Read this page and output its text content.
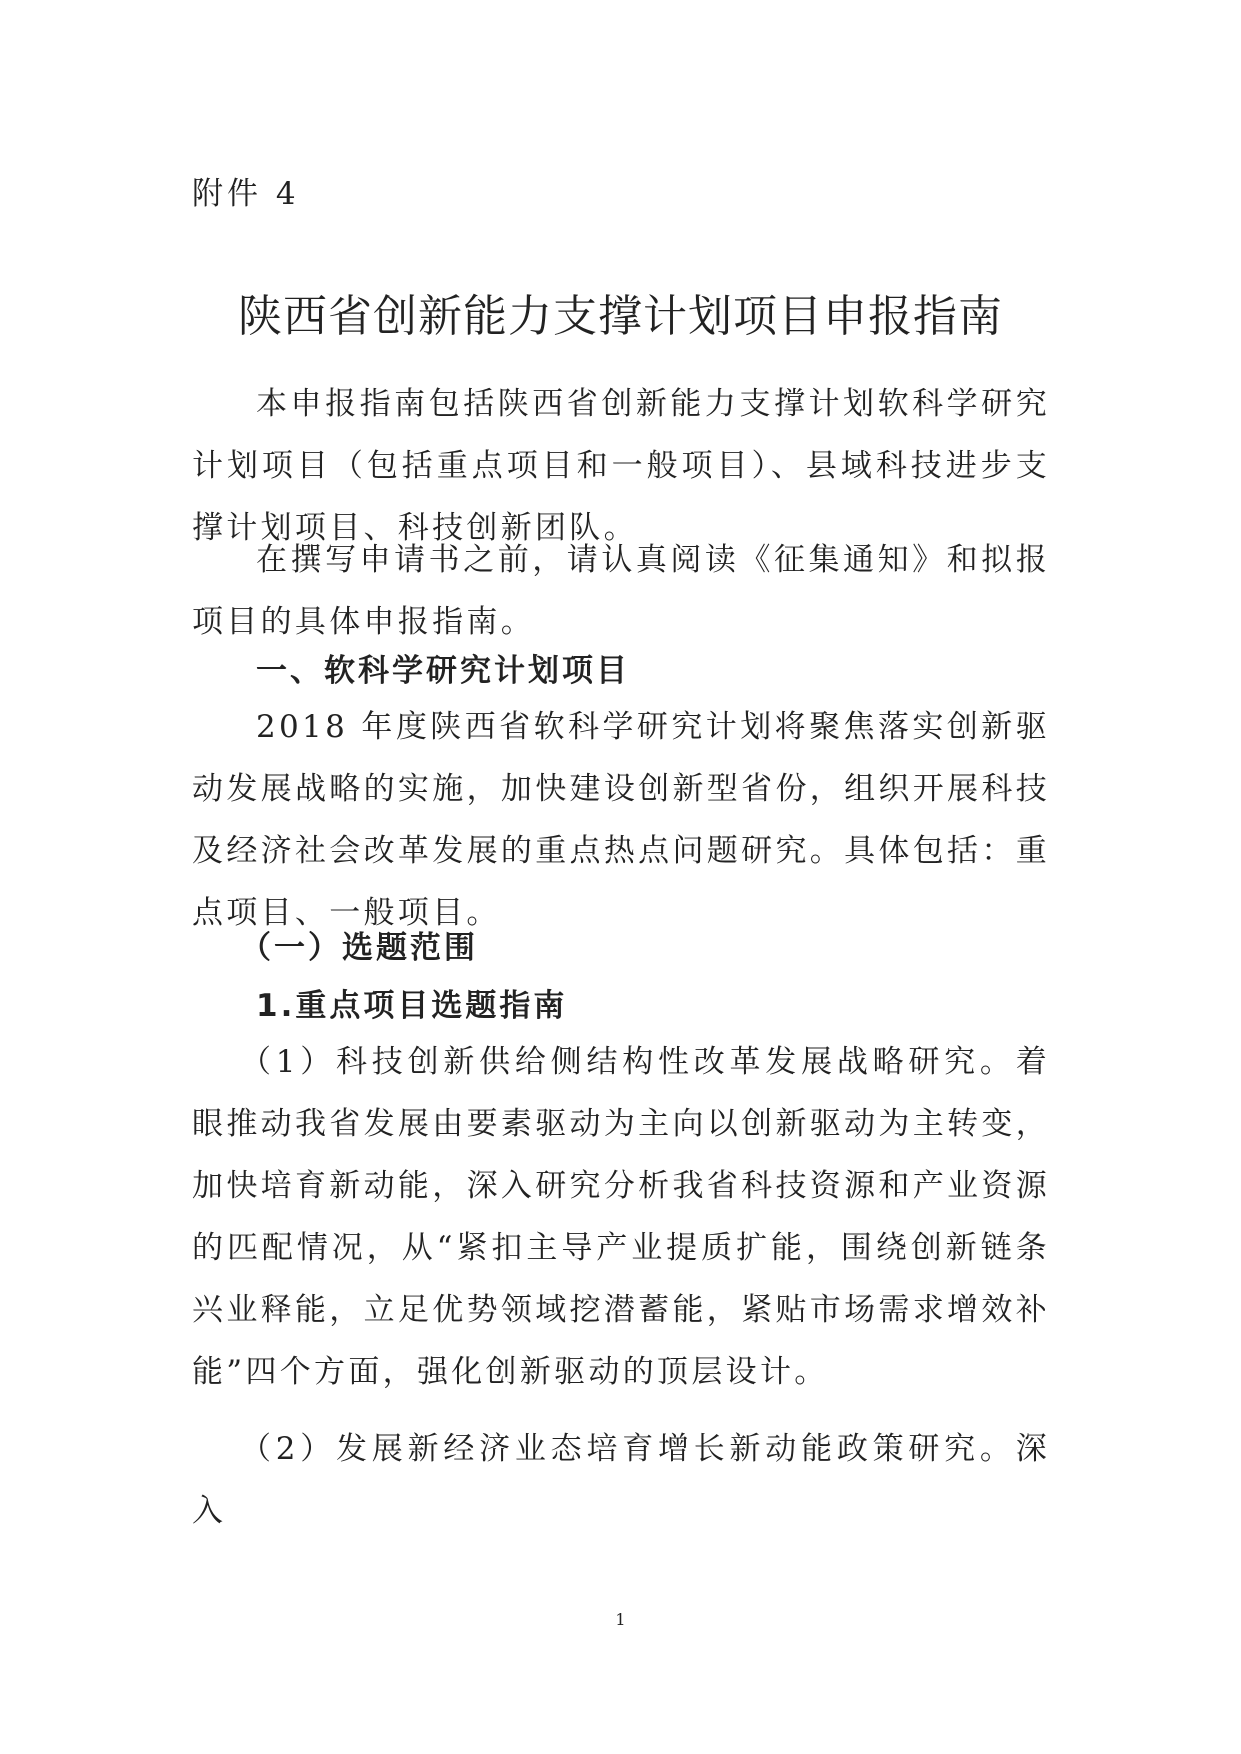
附件 4
陕西省创新能力支撑计划项目申报指南

本申报指南包括陕西省创新能力支撑计划软科学研究计划项目（包括重点项目和一般项目）、县域科技进步支撑计划项目、科技创新团队。

在撰写申请书之前，请认真阅读《征集通知》和拟报项目的具体申报指南。

一、软科学研究计划项目

2018 年度陕西省软科学研究计划将聚焦落实创新驱动发展战略的实施，加快建设创新型省份，组织开展科技及经济社会改革发展的重点热点问题研究。具体包括：重点项目、一般项目。

（一）选题范围

1.重点项目选题指南

（1）科技创新供给侧结构性改革发展战略研究。着眼推动我省发展由要素驱动为主向以创新驱动为主转变，加快培育新动能，深入研究分析我省科技资源和产业资源的匹配情况，从“紧扣主导产业提质扩能，围绕创新链条兴业释能，立足优势领域挖潜蓄能，紧贴市场需求增效补能”四个方面，强化创新驱动的顶层设计。

（2）发展新经济业态培育增长新动能政策研究。深入

1
